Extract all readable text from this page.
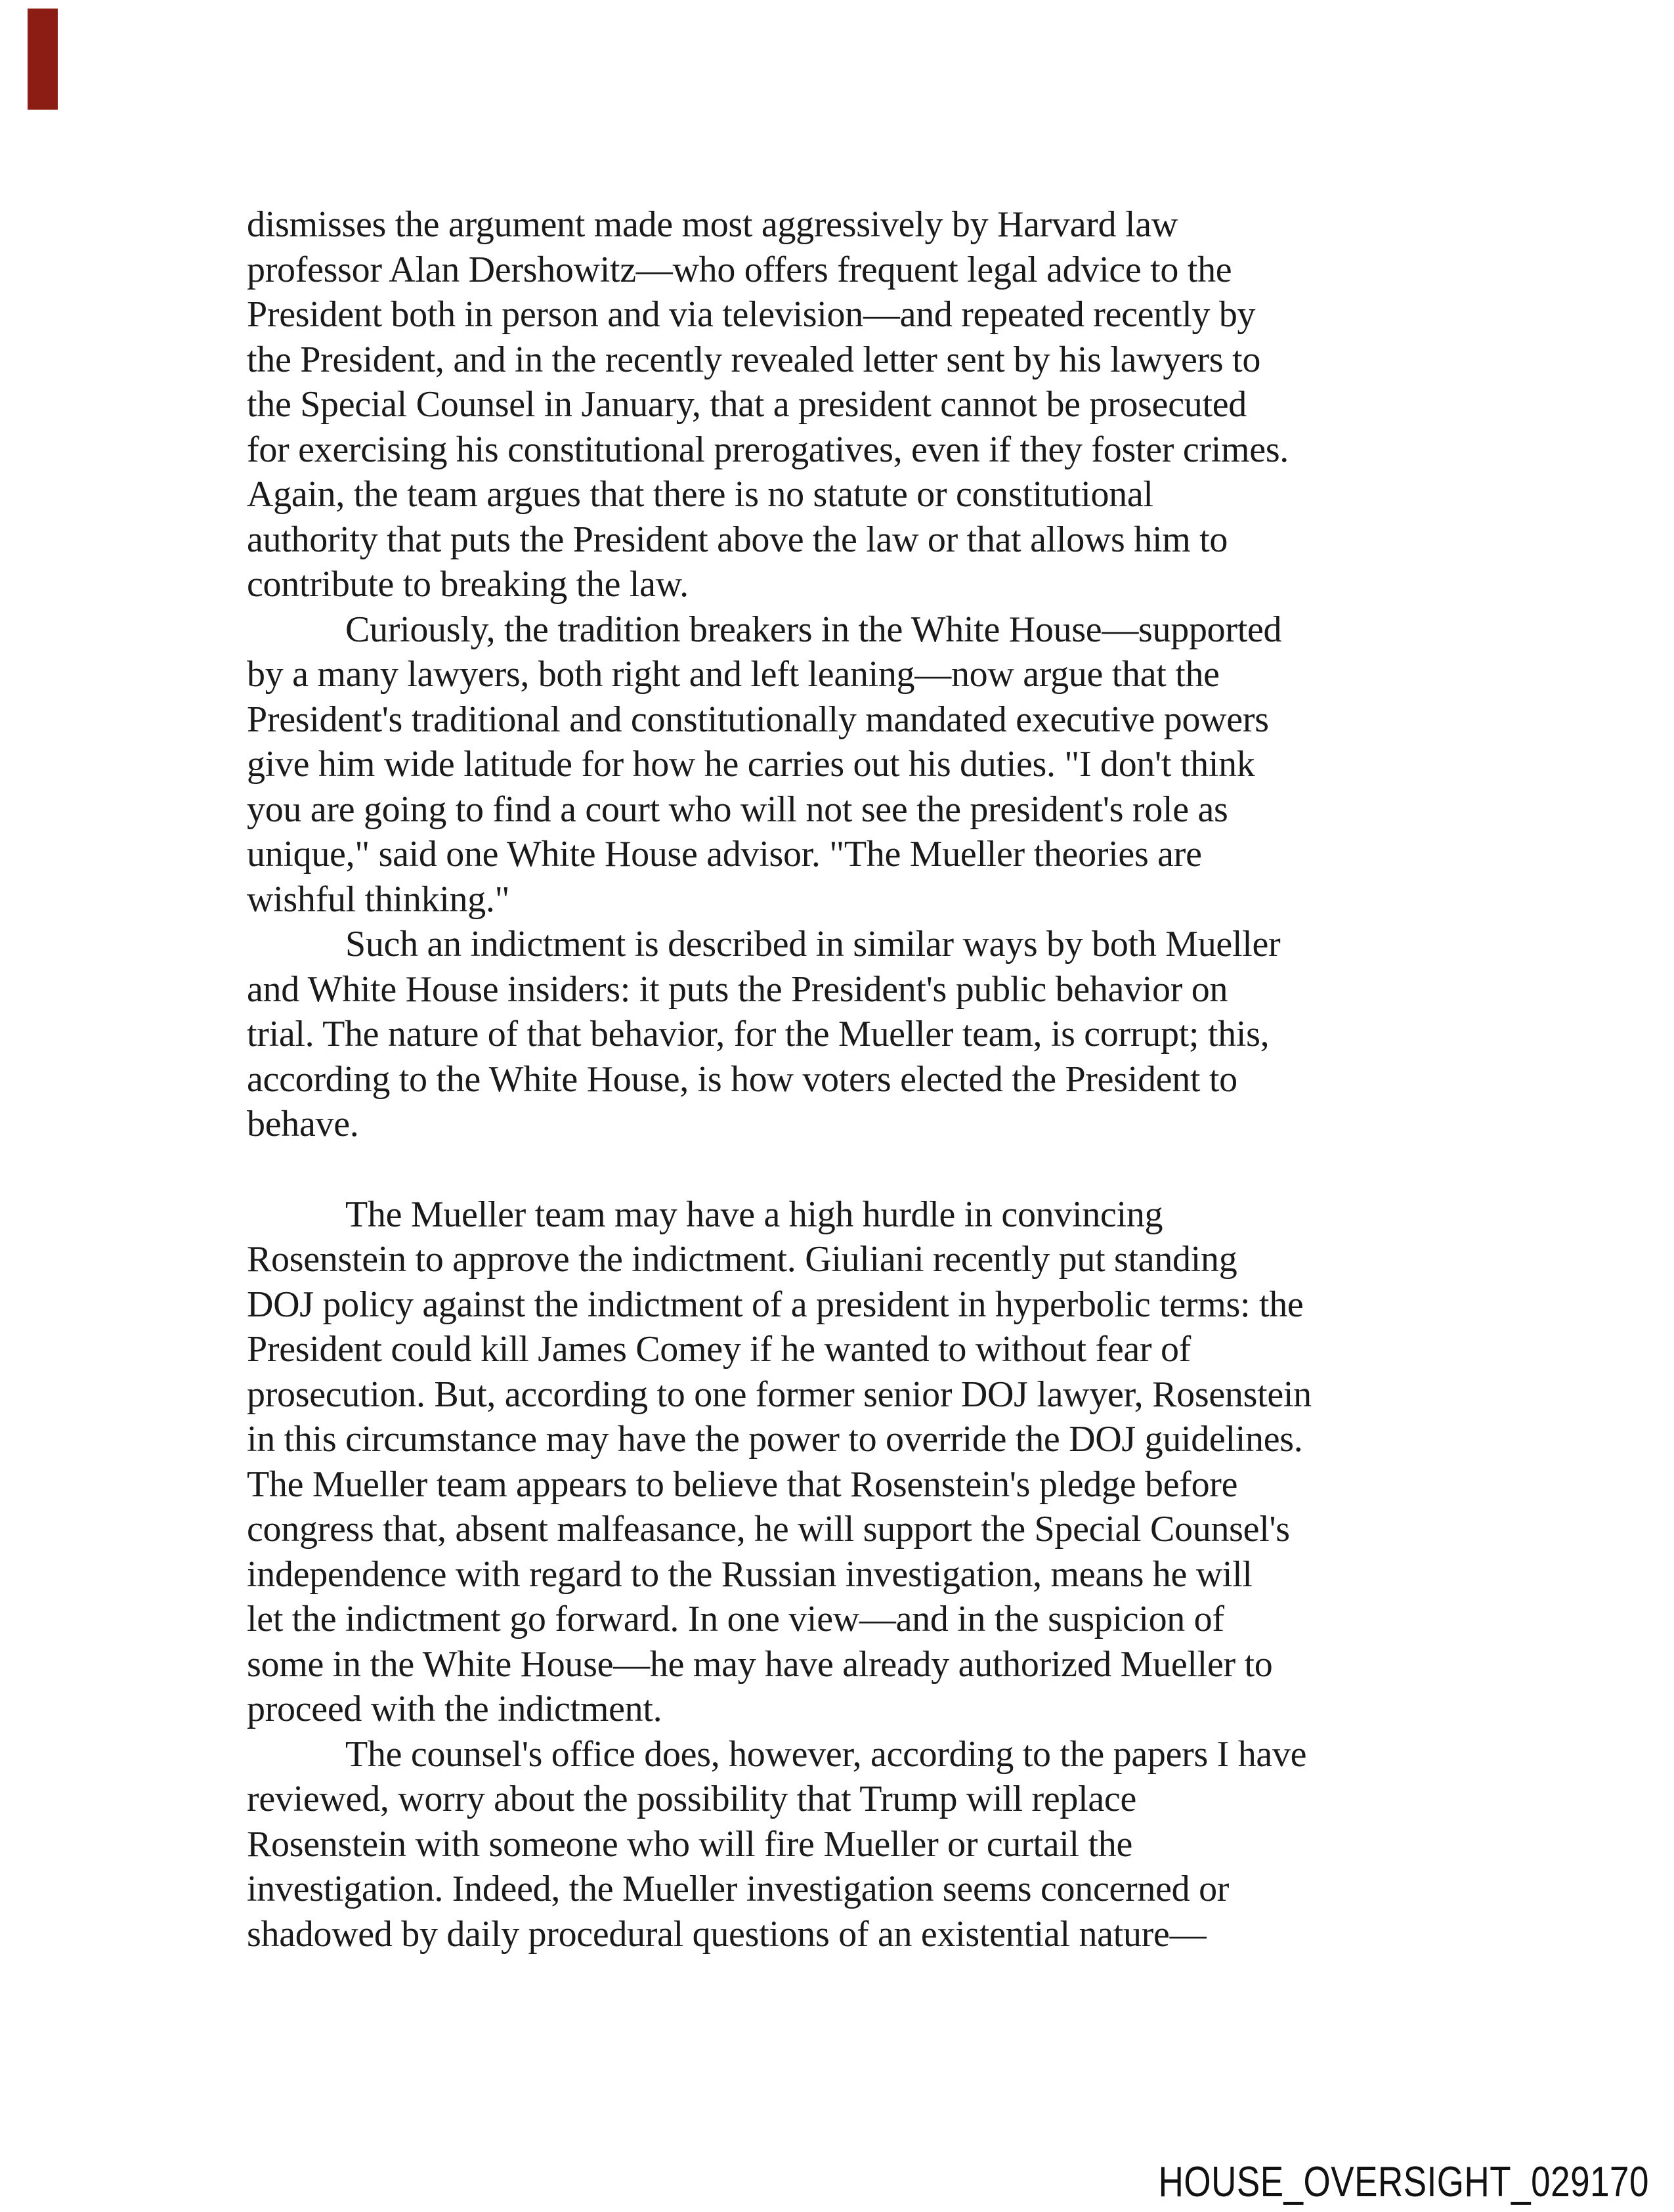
dismisses the argument made most aggressively by Harvard law
professor Alan Dershowitz—who offers frequent legal advice to the
President both in person and via television—and repeated recently by
the President, and in the recently revealed letter sent by his lawyers to
the Special Counsel in January, that a president cannot be prosecuted
for exercising his constitutional prerogatives, even if they foster crimes.
Again, the team argues that there is no statute or constitutional
authority that puts the President above the law or that allows him to
contribute to breaking the law.
Curiously, the tradition breakers in the White House—supported
by a many lawyers, both right and left leaning—now argue that the
President's traditional and constitutionally mandated executive powers
give him wide latitude for how he carries out his duties. "I don't think
you are going to find a court who will not see the president's role as
unique," said one White House advisor. "The Mueller theories are
wishful thinking."
Such an indictment is described in similar ways by both Mueller
and White House insiders: it puts the President's public behavior on
trial. The nature of that behavior, for the Mueller team, is corrupt; this,
according to the White House, is how voters elected the President to
behave.
The Mueller team may have a high hurdle in convincing
Rosenstein to approve the indictment. Giuliani recently put standing
DOJ policy against the indictment of a president in hyperbolic terms: the
President could kill James Comey if he wanted to without fear of
prosecution. But, according to one former senior DOJ lawyer, Rosenstein
in this circumstance may have the power to override the DOJ guidelines.
The Mueller team appears to believe that Rosenstein's pledge before
congress that, absent malfeasance, he will support the Special Counsel's
independence with regard to the Russian investigation, means he will
let the indictment go forward. In one view—and in the suspicion of
some in the White House—he may have already authorized Mueller to
proceed with the indictment.
The counsel's office does, however, according to the papers I have
reviewed, worry about the possibility that Trump will replace
Rosenstein with someone who will fire Mueller or curtail the
investigation. Indeed, the Mueller investigation seems concerned or
shadowed by daily procedural questions of an existential nature—
HOUSE_OVERSIGHT_029170
